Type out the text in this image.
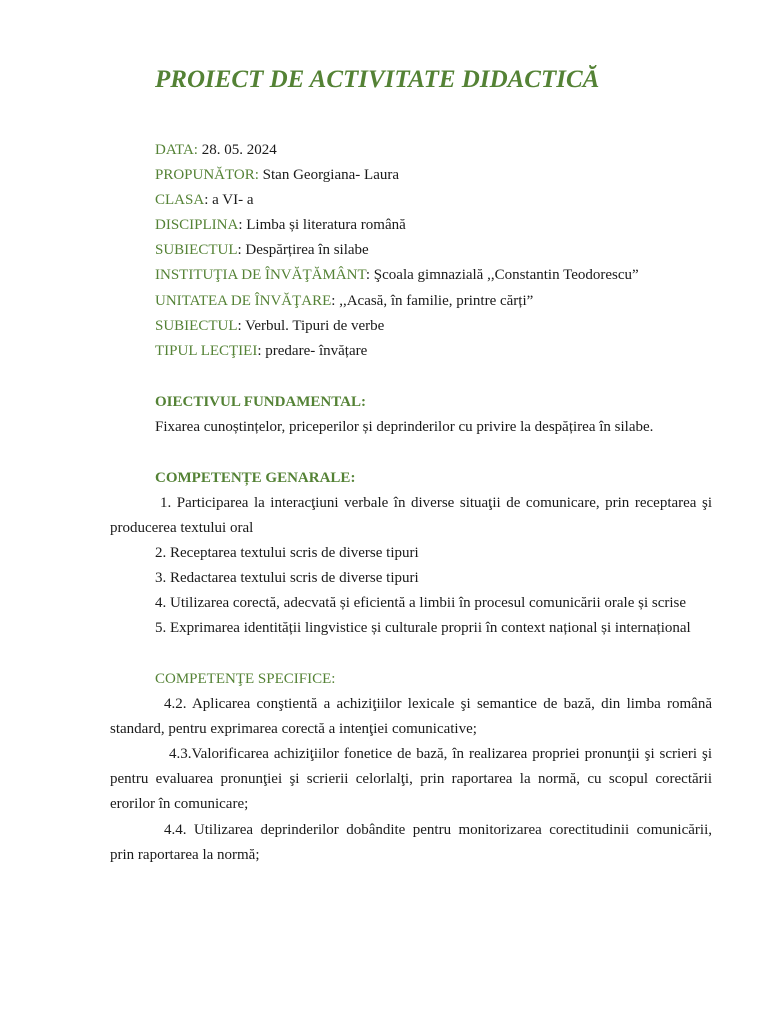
PROIECT DE ACTIVITATE DIDACTICĂ
DATA: 28. 05. 2024
PROPUNĂTOR: Stan Georgiana- Laura
CLASA: a VI- a
DISCIPLINA: Limba și literatura română
SUBIECTUL: Despărțirea în silabe
INSTITUŢIA DE ÎNVĂŢĂMÂNT: Şcoala gimnazială ,,Constantin Teodorescu”
UNITATEA DE ÎNVĂŢARE: ,,Acasă, în familie, printre cărți”
SUBIECTUL: Verbul. Tipuri de verbe
TIPUL LECŢIEI: predare- învățare
OIECTIVUL FUNDAMENTAL:
Fixarea cunoștințelor, priceperilor și deprinderilor cu privire la despățirea în silabe.
COMPETENȚE GENARALE:

1. Participarea la interacţiuni verbale în diverse situaţii de comunicare, prin receptarea şi producerea textului oral

2. Receptarea textului scris de diverse tipuri
3. Redactarea textului scris de diverse tipuri
4. Utilizarea corectă, adecvată și eficientă a limbii în procesul comunicării orale și scrise
5. Exprimarea identității lingvistice și culturale proprii în context național și internațional
COMPETENŢE SPECIFICE:

4.2. Aplicarea conştientă a achiziţiilor lexicale şi semantice de bază, din limba română standard, pentru exprimarea corectă a intenţiei comunicative;

4.3.Valorificarea achiziţiilor fonetice de bază, în realizarea propriei pronunţii şi scrieri şi pentru evaluarea pronunţiei şi scrierii celorlalţi, prin raportarea la normă, cu scopul corectării erorilor în comunicare;

4.4. Utilizarea deprinderilor dobândite pentru monitorizarea corectitudinii comunicării, prin raportarea la normă;
